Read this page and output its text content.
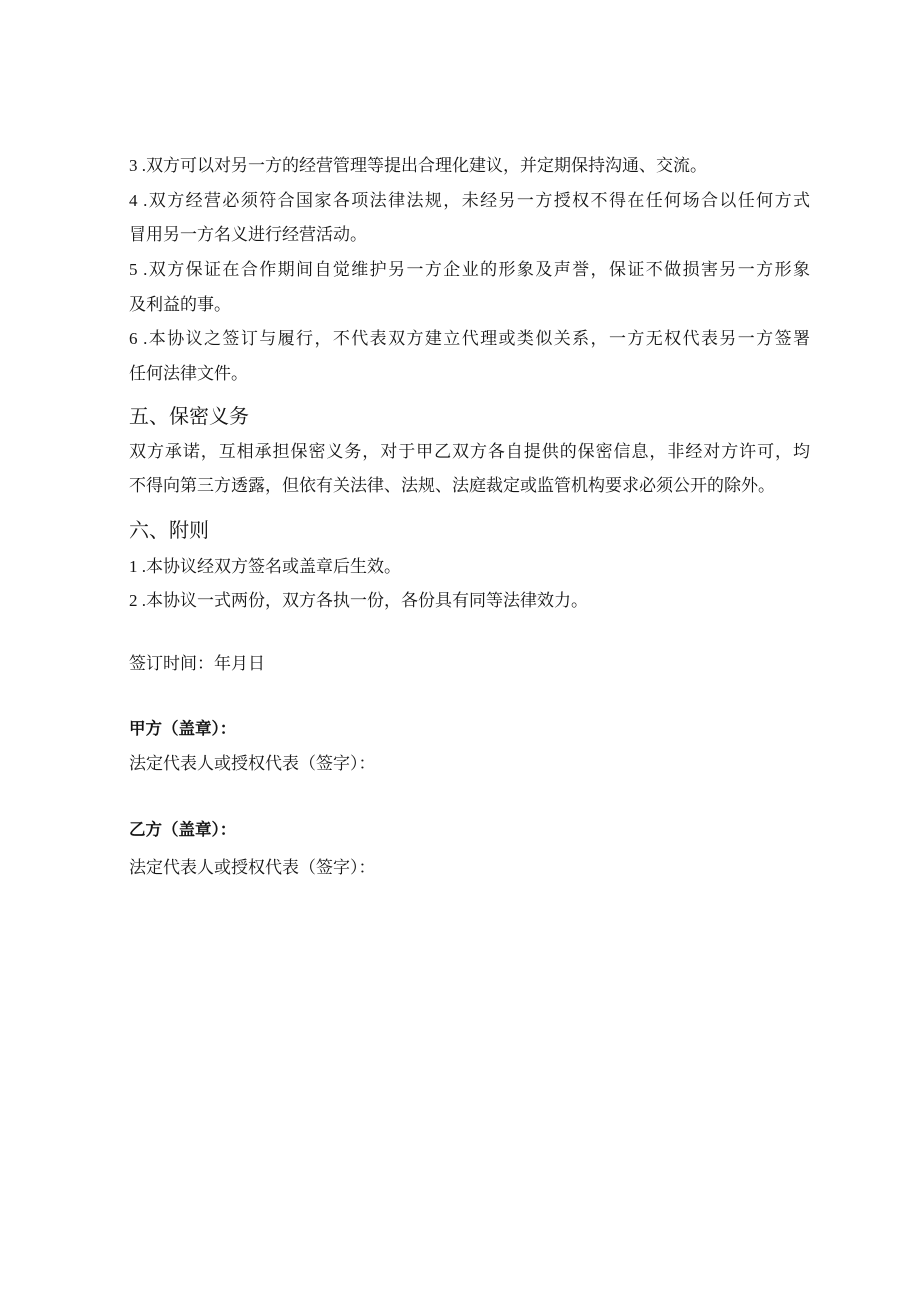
3 .双方可以对另一方的经营管理等提出合理化建议，并定期保持沟通、交流。
4 .双方经营必须符合国家各项法律法规，未经另一方授权不得在任何场合以任何方式
冒用另一方名义进行经营活动。
5 .双方保证在合作期间自觉维护另一方企业的形象及声誉，保证不做损害另一方形象
及利益的事。
6 .本协议之签订与履行，不代表双方建立代理或类似关系，一方无权代表另一方签署
任何法律文件。
五、保密义务
双方承诺，互相承担保密义务，对于甲乙双方各自提供的保密信息，非经对方许可，均
不得向第三方透露，但依有关法律、法规、法庭裁定或监管机构要求必须公开的除外。
六、附则
1 .本协议经双方签名或盖章后生效。
2 .本协议一式两份，双方各执一份，各份具有同等法律效力。
签订时间：年月日
甲方（盖章）：
法定代表人或授权代表（签字）：
乙方（盖章）：
法定代表人或授权代表（签字）：
